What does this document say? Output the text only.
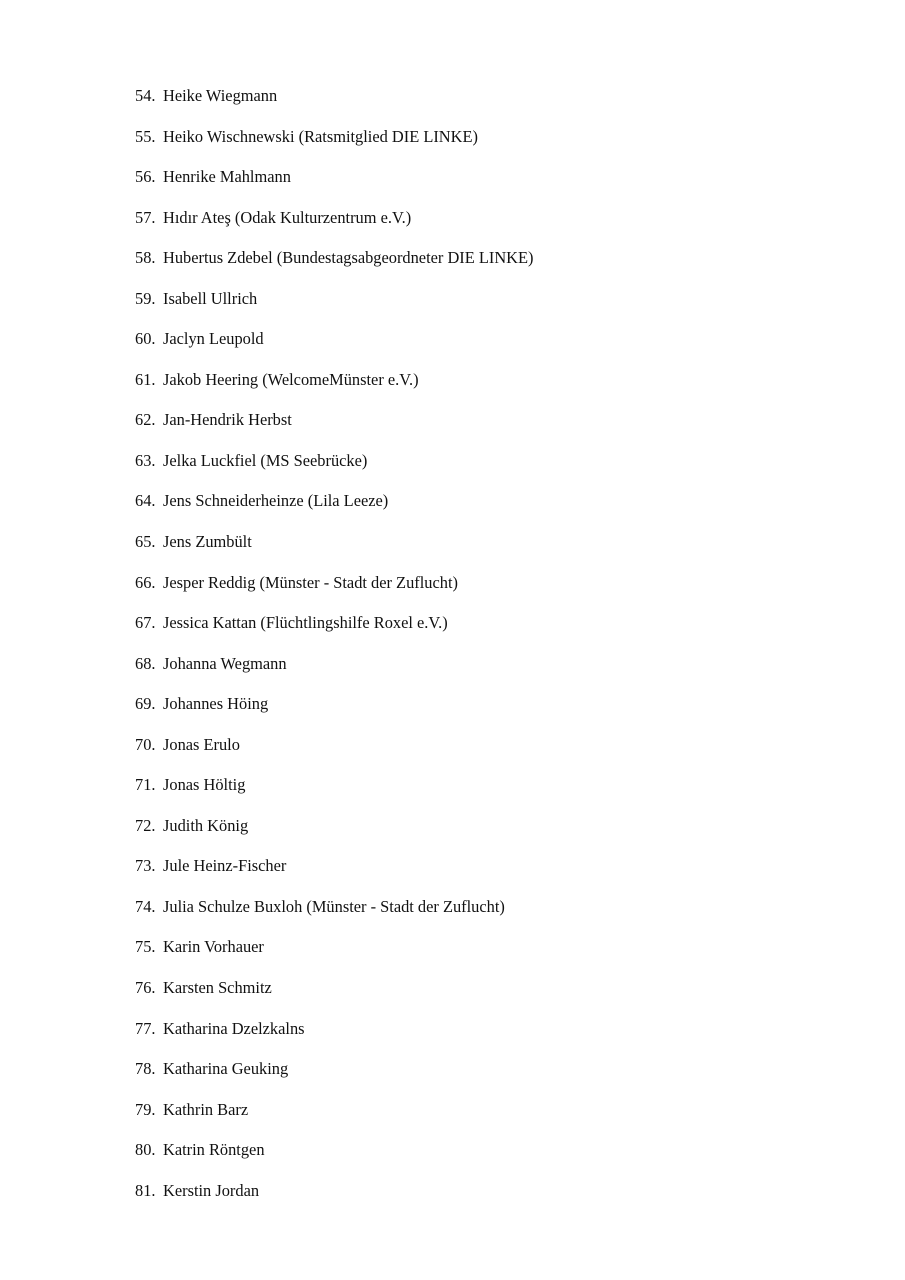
54. Heike Wiegmann
55. Heiko Wischnewski (Ratsmitglied DIE LINKE)
56. Henrike Mahlmann
57. Hıdır Ateş (Odak Kulturzentrum e.V.)
58. Hubertus Zdebel (Bundestagsabgeordneter DIE LINKE)
59. Isabell Ullrich
60. Jaclyn Leupold
61. Jakob Heering (WelcomeMünster e.V.)
62. Jan-Hendrik Herbst
63. Jelka Luckfiel (MS Seebrücke)
64. Jens Schneiderheinze (Lila Leeze)
65. Jens Zumbült
66. Jesper Reddig (Münster - Stadt der Zuflucht)
67. Jessica Kattan (Flüchtlingshilfe Roxel e.V.)
68. Johanna Wegmann
69. Johannes Höing
70. Jonas Erulo
71. Jonas Höltig
72. Judith König
73. Jule Heinz-Fischer
74. Julia Schulze Buxloh (Münster - Stadt der Zuflucht)
75. Karin Vorhauer
76. Karsten Schmitz
77. Katharina Dzelzkalns
78. Katharina Geuking
79. Kathrin Barz
80. Katrin Röntgen
81. Kerstin Jordan
